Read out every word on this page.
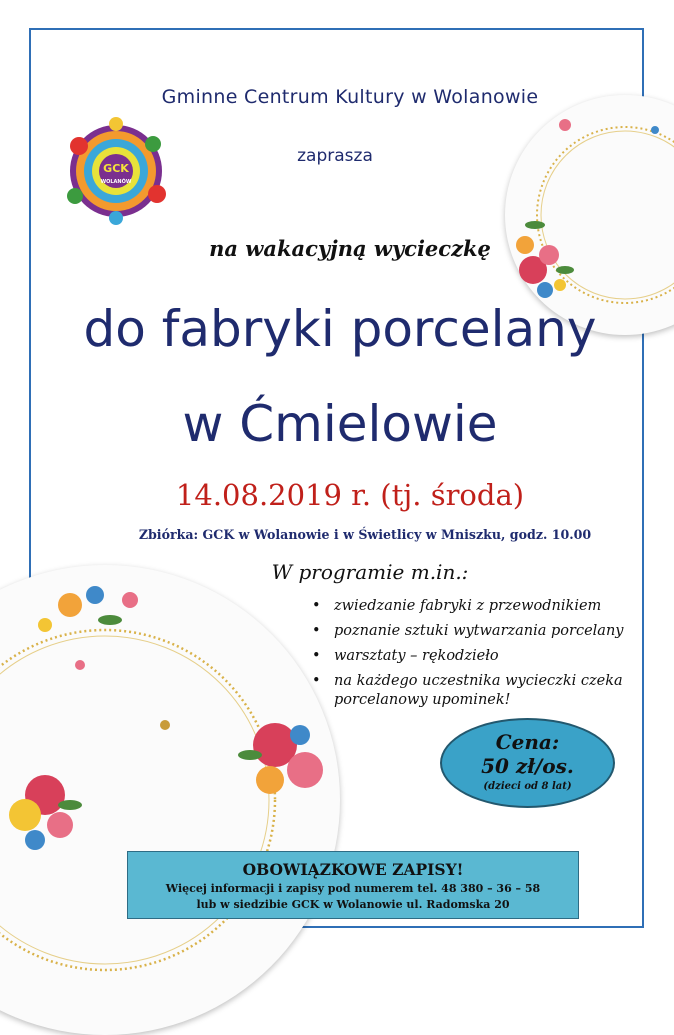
GCK
WOLANÓW
Gminne Centrum Kultury w Wolanowie
zaprasza
na wakacyjną wycieczkę
do fabryki porcelany
w Ćmielowie
14.08.2019 r. (tj. środa)
Zbiórka: GCK w Wolanowie i w Świetlicy w Mniszku, godz. 10.00
W programie m.in.:
• zwiedzanie fabryki z przewodnikiem
• poznanie sztuki wytwarzania porcelany
• warsztaty – rękodzieło
• na każdego uczestnika wycieczki czeka porcelanowy upominek!
Cena:
50 zł/os.
(dzieci od 8 lat)
OBOWIĄZKOWE ZAPISY!
Więcej informacji i zapisy pod numerem tel. 48 380 – 36 – 58
lub w siedzibie GCK w Wolanowie ul. Radomska 20
